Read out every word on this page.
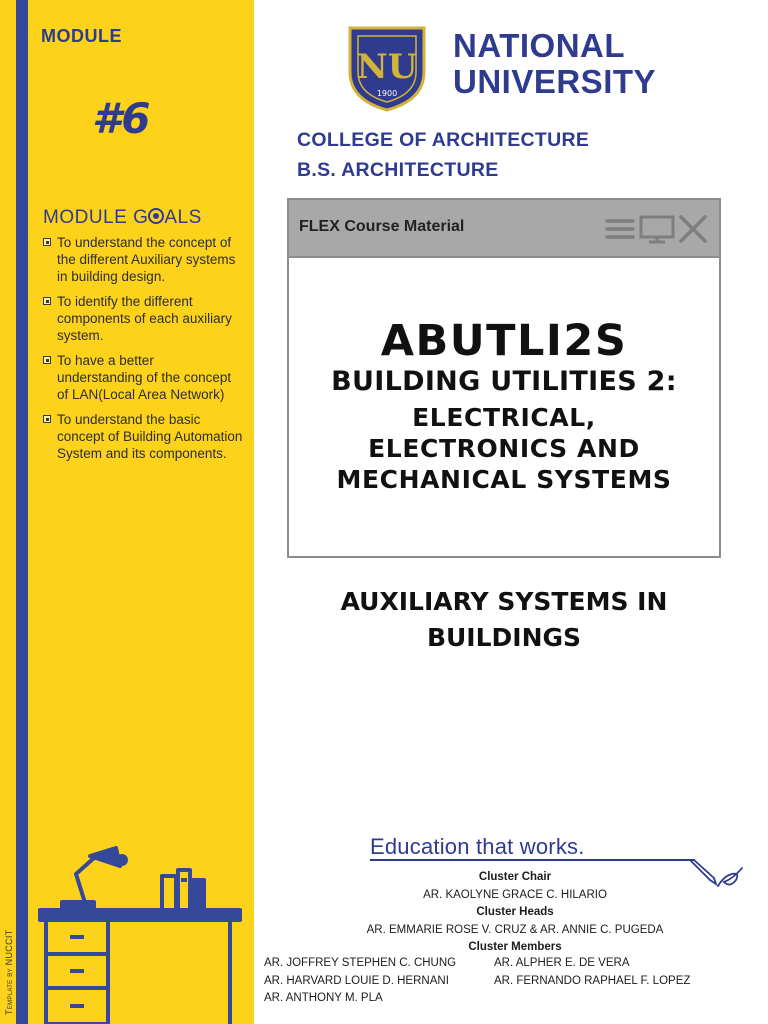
MODULE
#6
MODULE G ALS
To understand the concept of the different Auxiliary systems in building design.
To identify the different components of each auxiliary system.
To have a better understanding of the concept of LAN(Local Area Network)
To understand the basic concept of Building Automation System and its components.
Template by NUCCIT
NU
1900
NATIONAL
UNIVERSITY
COLLEGE OF ARCHITECTURE
B.S. ARCHITECTURE
FLEX Course Material
ABUTLI2S
BUILDING UTILITIES 2:
ELECTRICAL,
ELECTRONICS AND
MECHANICAL SYSTEMS
AUXILIARY SYSTEMS IN
BUILDINGS
Education that works.
Cluster Chair
AR. KAOLYNE GRACE C. HILARIO
Cluster Heads
AR. EMMARIE ROSE V. CRUZ & AR. ANNIE C. PUGEDA
Cluster Members
AR. JOFFREY STEPHEN C. CHUNG	AR. ALPHER E. DE VERA
AR. HARVARD LOUIE D. HERNANI	AR. FERNANDO RAPHAEL F. LOPEZ
AR. ANTHONY M. PLA
